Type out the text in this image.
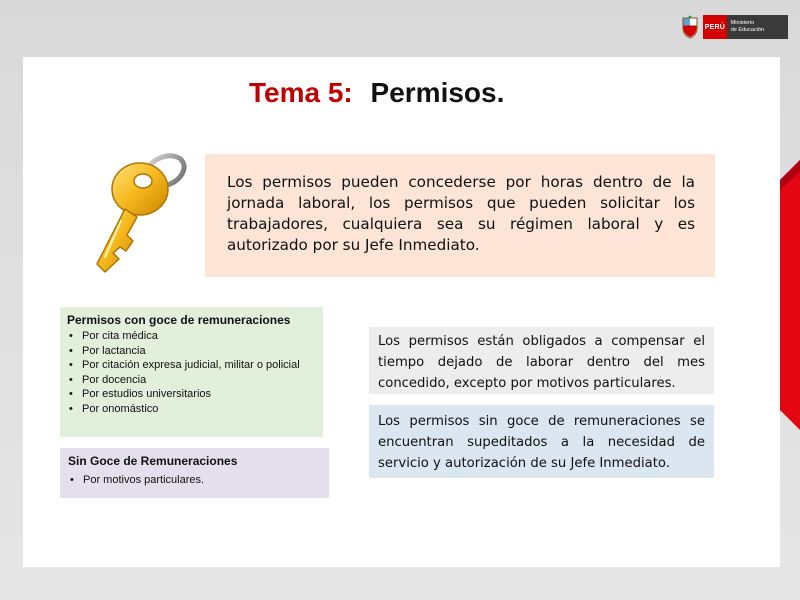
PERÚ
Ministerio
de Educación
Tema 5: Permisos.

Los permisos pueden concederse por horas dentro de la jornada laboral, los permisos que pueden solicitar los trabajadores, cualquiera sea su régimen laboral y es autorizado por su Jefe Inmediato.

Permisos con goce de remuneraciones
• Por cita médica
• Por lactancia
• Por citación expresa judicial, militar o policial
• Por docencia
• Por estudios universitarios
• Por onomástico
Sin Goce de Remuneraciones
• Por motivos particulares.

Los permisos están obligados a compensar el tiempo dejado de laborar dentro del mes concedido, excepto por motivos particulares.

Los permisos sin goce de remuneraciones se encuentran supeditados a la necesidad de servicio y autorización de su Jefe Inmediato.
